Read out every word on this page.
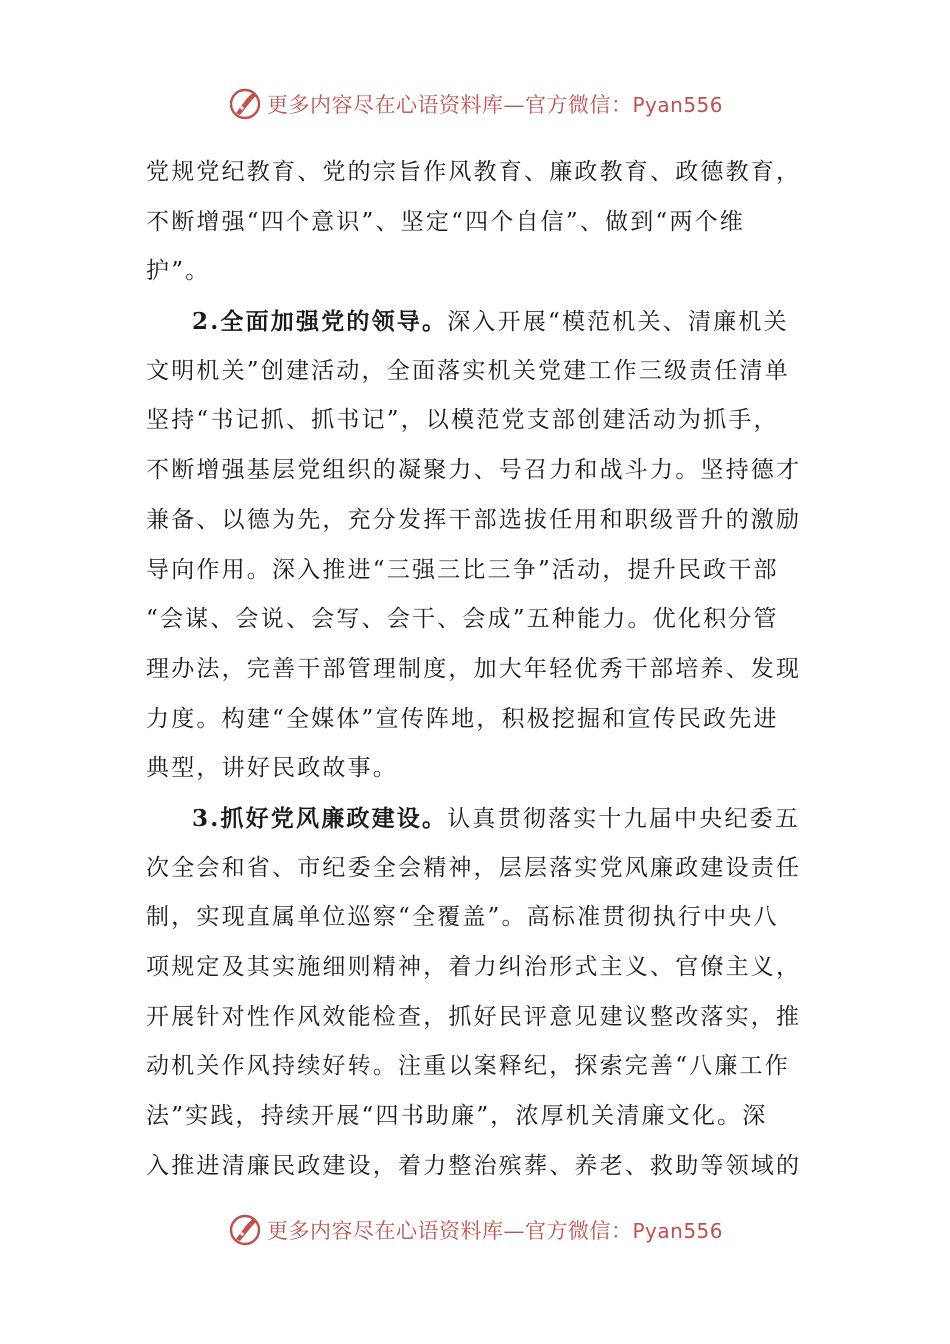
更多内容尽在心语资料库—官方微信：Pyan556
党规党纪教育、党的宗旨作风教育、廉政教育、政德教育，
不断增强“四个意识”、坚定“四个自信”、做到“两个维
护”。
2.全面加强党的领导。深入开展“模范机关、清廉机关
文明机关”创建活动，全面落实机关党建工作三级责任清单
坚持“书记抓、抓书记”，以模范党支部创建活动为抓手，
不断增强基层党组织的凝聚力、号召力和战斗力。坚持德才
兼备、以德为先，充分发挥干部选拔任用和职级晋升的激励
导向作用。深入推进“三强三比三争”活动，提升民政干部
“会谋、会说、会写、会干、会成”五种能力。优化积分管
理办法，完善干部管理制度，加大年轻优秀干部培养、发现
力度。构建“全媒体”宣传阵地，积极挖掘和宣传民政先进
典型，讲好民政故事。
3.抓好党风廉政建设。认真贯彻落实十九届中央纪委五
次全会和省、市纪委全会精神，层层落实党风廉政建设责任
制，实现直属单位巡察“全覆盖”。高标准贯彻执行中央八
项规定及其实施细则精神，着力纠治形式主义、官僚主义，
开展针对性作风效能检查，抓好民评意见建议整改落实，推
动机关作风持续好转。注重以案释纪，探索完善“八廉工作
法”实践，持续开展“四书助廉”，浓厚机关清廉文化。深
入推进清廉民政建设，着力整治殡葬、养老、救助等领域的
更多内容尽在心语资料库—官方微信：Pyan556
